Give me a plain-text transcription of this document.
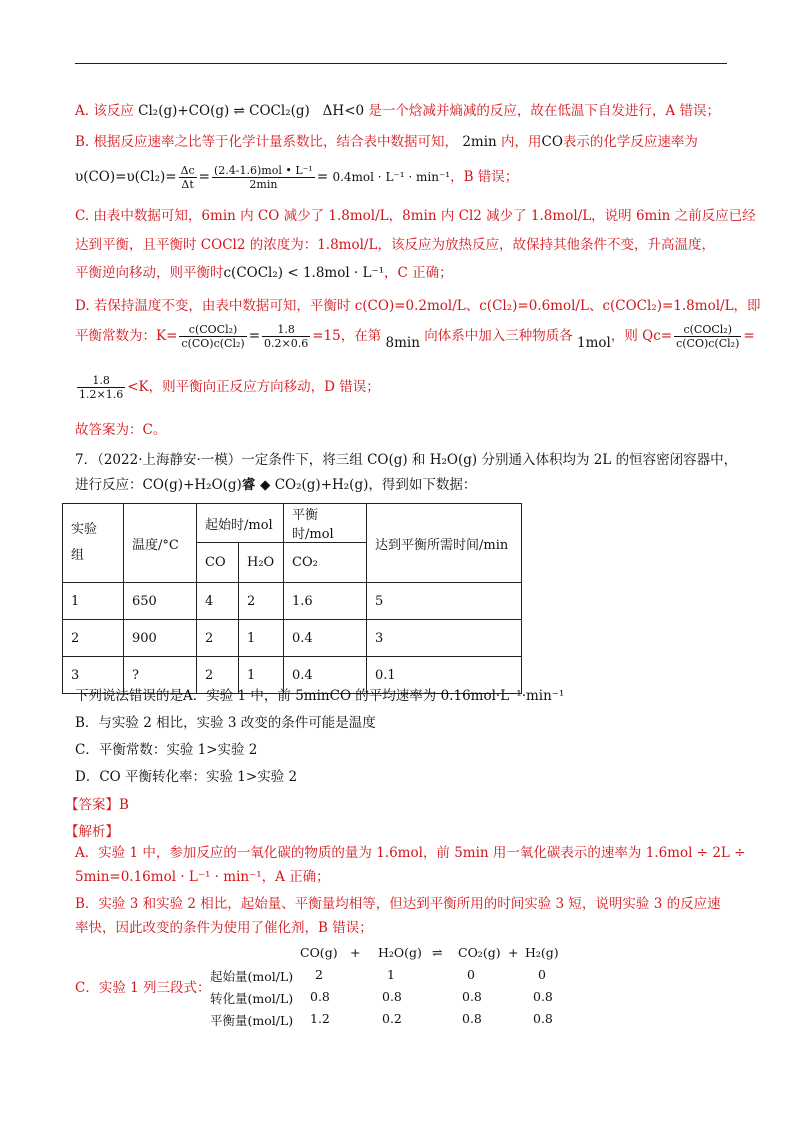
A. 该反应 Cl₂(g)+CO(g) ⇌ COCl₂(g) ΔH<0 是一个焓减并熵减的反应，故在低温下自发进行，A 错误；
B. 根据反应速率之比等于化学计量系数比，结合表中数据可知， 2min 内，用CO表示的化学反应速率为
$\upsilon(CO)=\upsilon(Cl_2)= \frac{\Delta c}{\Delta t} = \frac{\text{(2.4-1.6)mol • L⁻¹}}{2\min} = 0.4mol \cdot L^{-1} \cdot \min^{-1}$，B 错误；
C. 由表中数据可知，6min 内 CO 减少了 1.8mol/L，8min 内 Cl2 减少了 1.8mol/L，说明 6min 之前反应已经
达到平衡，且平衡时 COCl2 的浓度为：1.8mol/L，该反应为放热反应，故保持其他条件不变，升高温度，
平衡逆向移动，则平衡时c(COCl₂) < 1.8mol · L⁻¹，C 正确；
D. 若保持温度不变，由表中数据可知，平衡时 c(CO)=0.2mol/L、c(Cl₂)=0.6mol/L、c(COCl₂)=1.8mol/L，即
平衡常数为：$K= \frac{\text{c(COCl₂)}}{\text{c(CO)c(Cl₂)}} = \frac{1.8}{0.2\times 0.6} =15$，在第 8min 向体系中加入三种物质各 1mol，则 $Qc= \frac{\text{c(COCl₂)}}{\text{c(CO)c(Cl₂)}}$ =
$\frac{1.8}{1.2\times 1.6} <K$，则平衡向正反应方向移动，D 错误；
故答案为：C。
7．（2022·上海静安·一模）一定条件下，将三组 CO(g) 和 H₂O(g) 分别通入体积均为 2L 的恒容密闭容器中，
进行反应：CO(g)+H₂O(g)睿 ◆ CO₂(g)+H₂(g)，得到如下数据：
实验组	温度/°C	起始时/mol		平衡时/mol	达到平衡所需时间/min
		CO	H₂O	CO₂	
1	650	4	2	1.6	5
2	900	2	1	0.4	3
3	?	2	1	0.4	0.1
下列说法错误的是A．实验 1 中，前 5minCO 的平均速率为 0.16mol·L⁻¹·min⁻¹
B．与实验 2 相比，实验 3 改变的条件可能是温度
C．平衡常数：实验 1>实验 2
D．CO 平衡转化率：实验 1>实验 2
【答案】B
【解析】
A．实验 1 中，参加反应的一氧化碳的物质的量为 1.6mol，前 5min 用一氧化碳表示的速率为 1.6mol ÷ 2L ÷
5min=0.16mol · L⁻¹ · min⁻¹，A 正确；
B．实验 3 和实验 2 相比，起始量、平衡量均相等，但达到平衡所用的时间实验 3 短，说明实验 3 的反应速
率快，因此改变的条件为使用了催化剂，B 错误；
C．实验 1 列三段式：
CO(g) + H₂O(g) ⇌ CO₂(g) + H₂(g)
起始量(mol/L) 2	1	0	0
转化量(mol/L) 0.8	0.8	0.8	0.8
平衡量(mol/L) 1.2	0.2	0.8	0.8
